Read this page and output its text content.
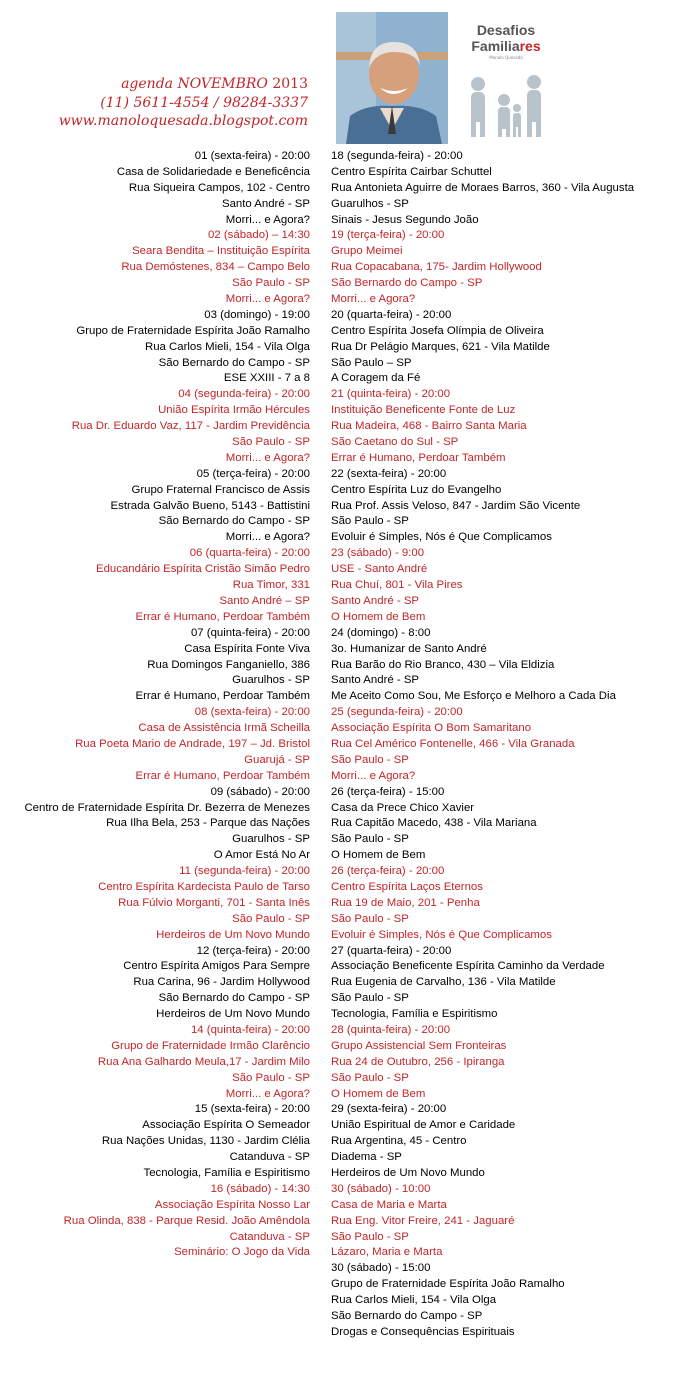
agenda NOVEMBRO 2013
(11) 5611-4554 / 98284-3337
www.manoloquesada.blogspot.com
Desafios
Familiares
Manolo Quesada
01 (sexta-feira) - 20:00
Casa de Solidariedade e Beneficência
Rua Siqueira Campos, 102 - Centro
Santo André - SP
Morri... e Agora?
02 (sábado) – 14:30
Seara Bendita – Instituição Espírita
Rua Demóstenes, 834 – Campo Belo
São Paulo - SP
Morri... e Agora?
03 (domingo) - 19:00
Grupo de Fraternidade Espírita João Ramalho
Rua Carlos Mieli, 154 - Vila Olga
São Bernardo do Campo - SP
ESE XXIII - 7 a 8
04 (segunda-feira) - 20:00
União Espírita Irmão Hércules
Rua Dr. Eduardo Vaz, 117 - Jardim Previdência
São Paulo - SP
Morri... e Agora?
05 (terça-feira) - 20:00
Grupo Fraternal Francisco de Assis
Estrada Galvão Bueno, 5143 - Battistini
São Bernardo do Campo - SP
Morri... e Agora?
06 (quarta-feira) - 20:00
Educandário Espírita Cristão Simão Pedro
Rua Timor, 331
Santo André – SP
Errar é Humano, Perdoar Também
07 (quinta-feira) - 20:00
Casa Espírita Fonte Viva
Rua Domingos Fanganiello, 386
Guarulhos - SP
Errar é Humano, Perdoar Também
08 (sexta-feira) - 20:00
Casa de Assistência Irmã Scheilla
Rua Poeta Mario de Andrade, 197 – Jd. Bristol
Guarujá - SP
Errar é Humano, Perdoar Também
09 (sábado) - 20:00
Centro de Fraternidade Espírita Dr. Bezerra de Menezes
Rua Ilha Bela, 253 - Parque das Nações
Guarulhos - SP
O Amor Está No Ar
11 (segunda-feira) - 20:00
Centro Espírita Kardecista Paulo de Tarso
Rua Fúlvio Morganti, 701 - Santa Inês
São Paulo - SP
Herdeiros de Um Novo Mundo
12 (terça-feira) - 20:00
Centro Espírita Amigos Para Sempre
Rua Carina, 96 - Jardim Hollywood
São Bernardo do Campo - SP
Herdeiros de Um Novo Mundo
14 (quinta-feira) - 20:00
Grupo de Fraternidade Irmão Clarêncio
Rua Ana Galhardo Meula,17 - Jardim Milo
São Paulo - SP
Morri... e Agora?
15 (sexta-feira) - 20:00
Associação Espírita O Semeador
Rua Nações Unidas, 1130 - Jardim Clélia
Catanduva - SP
Tecnologia, Família e Espiritismo
16 (sábado) - 14:30
Associação Espírita Nosso Lar
Rua Olinda, 838 - Parque Resid. João Amêndola
Catanduva - SP
Seminário: O Jogo da Vida
18 (segunda-feira) - 20:00
Centro Espírita Cairbar Schuttel
Rua Antonieta Aguirre de Moraes Barros, 360 - Vila Augusta
Guarulhos - SP
Sinais - Jesus Segundo João
19 (terça-feira) - 20:00
Grupo Meimei
Rua Copacabana, 175- Jardim Hollywood
São Bernardo do Campo - SP
Morri... e Agora?
20 (quarta-feira) - 20:00
Centro Espírita Josefa Olímpia de Oliveira
Rua Dr Pelágio Marques, 621 - Vila Matilde
São Paulo – SP
A Coragem da Fé
21 (quinta-feira) - 20:00
Instituição Beneficente Fonte de Luz
Rua Madeira, 468 - Bairro Santa Maria
São Caetano do Sul - SP
Errar é Humano, Perdoar Também
22 (sexta-feira) - 20:00
Centro Espírita Luz do Evangelho
Rua Prof. Assis Veloso, 847 - Jardim São Vicente
São Paulo - SP
Evoluir é Simples, Nós é Que Complicamos
23 (sábado) - 9:00
USE - Santo André
Rua Chuí, 801 - Vila Pires
Santo André - SP
O Homem de Bem
24 (domingo) - 8:00
3o. Humanizar de Santo André
Rua Barão do Rio Branco, 430 – Vila Eldizia
Santo André - SP
Me Aceito Como Sou, Me Esforço e Melhoro a Cada Dia
25 (segunda-feira) - 20:00
Associação Espírita O Bom Samaritano
Rua Cel Américo Fontenelle, 466 - Vila Granada
São Paulo - SP
Morri... e Agora?
26 (terça-feira) - 15:00
Casa da Prece Chico Xavier
Rua Capitão Macedo, 438 - Vila Mariana
São Paulo - SP
O Homem de Bem
26 (terça-feira) - 20:00
Centro Espírita Laços Eternos
Rua 19 de Maio, 201 - Penha
São Paulo - SP
Evoluir é Simples, Nós é Que Complicamos
27 (quarta-feira) - 20:00
Associação Beneficente Espírita Caminho da Verdade
Rua Eugenia de Carvalho, 136 - Vila Matilde
São Paulo - SP
Tecnologia, Família e Espiritismo
28 (quinta-feira) - 20:00
Grupo Assistencial Sem Fronteiras
Rua 24 de Outubro, 256 - Ipiranga
São Paulo - SP
O Homem de Bem
29 (sexta-feira) - 20:00
União Espiritual de Amor e Caridade
Rua Argentina, 45 - Centro
Diadema - SP
Herdeiros de Um Novo Mundo
30 (sábado) - 10:00
Casa de Maria e Marta
Rua Eng. Vitor Freire, 241 - Jaguaré
São Paulo - SP
Lázaro, Maria e Marta
30 (sábado) - 15:00
Grupo de Fraternidade Espírita João Ramalho
Rua Carlos Mieli, 154 - Vila Olga
São Bernardo do Campo - SP
Drogas e Consequências Espirituais
